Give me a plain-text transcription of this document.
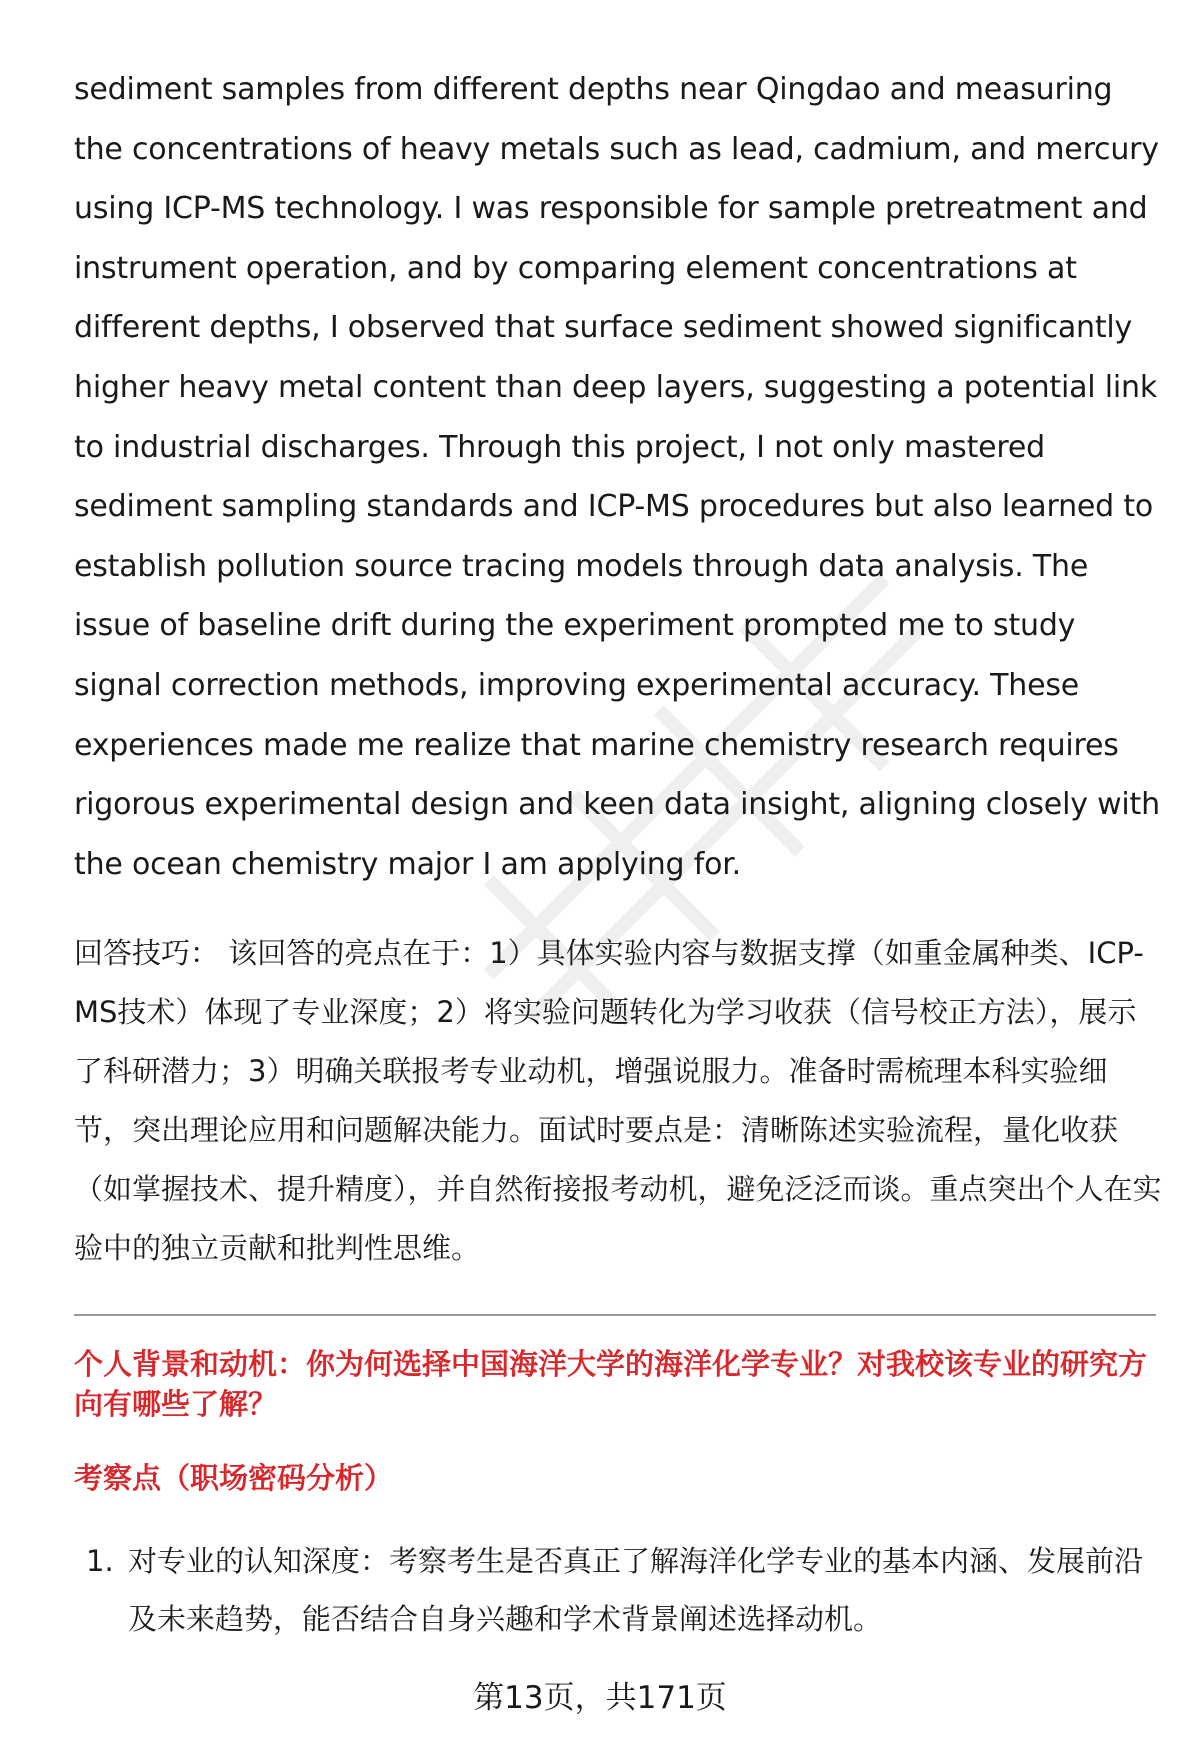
sediment samples from different depths near Qingdao and measuring the concentrations of heavy metals such as lead, cadmium, and mercury using ICP-MS technology. I was responsible for sample pretreatment and instrument operation, and by comparing element concentrations at different depths, I observed that surface sediment showed significantly higher heavy metal content than deep layers, suggesting a potential link to industrial discharges. Through this project, I not only mastered sediment sampling standards and ICP-MS procedures but also learned to establish pollution source tracing models through data analysis. The issue of baseline drift during the experiment prompted me to study signal correction methods, improving experimental accuracy. These experiences made me realize that marine chemistry research requires rigorous experimental design and keen data insight, aligning closely with the ocean chemistry major I am applying for.

回答技巧： 该回答的亮点在于：1）具体实验内容与数据支撑（如重金属种类、ICP-MS技术）体现了专业深度；2）将实验问题转化为学习收获（信号校正方法），展示了科研潜力；3）明确关联报考专业动机，增强说服力。准备时需梳理本科实验细节，突出理论应用和问题解决能力。面试时要点是：清晰陈述实验流程，量化收获（如掌握技术、提升精度），并自然衔接报考动机，避免泛泛而谈。重点突出个人在实验中的独立贡献和批判性思维。
个人背景和动机：你为何选择中国海洋大学的海洋化学专业？对我校该专业的研究方向有哪些了解？
考察点（职场密码分析）
1. 对专业的认知深度：考察考生是否真正了解海洋化学专业的基本内涵、发展前沿及未来趋势，能否结合自身兴趣和学术背景阐述选择动机。
第13页，共171页
